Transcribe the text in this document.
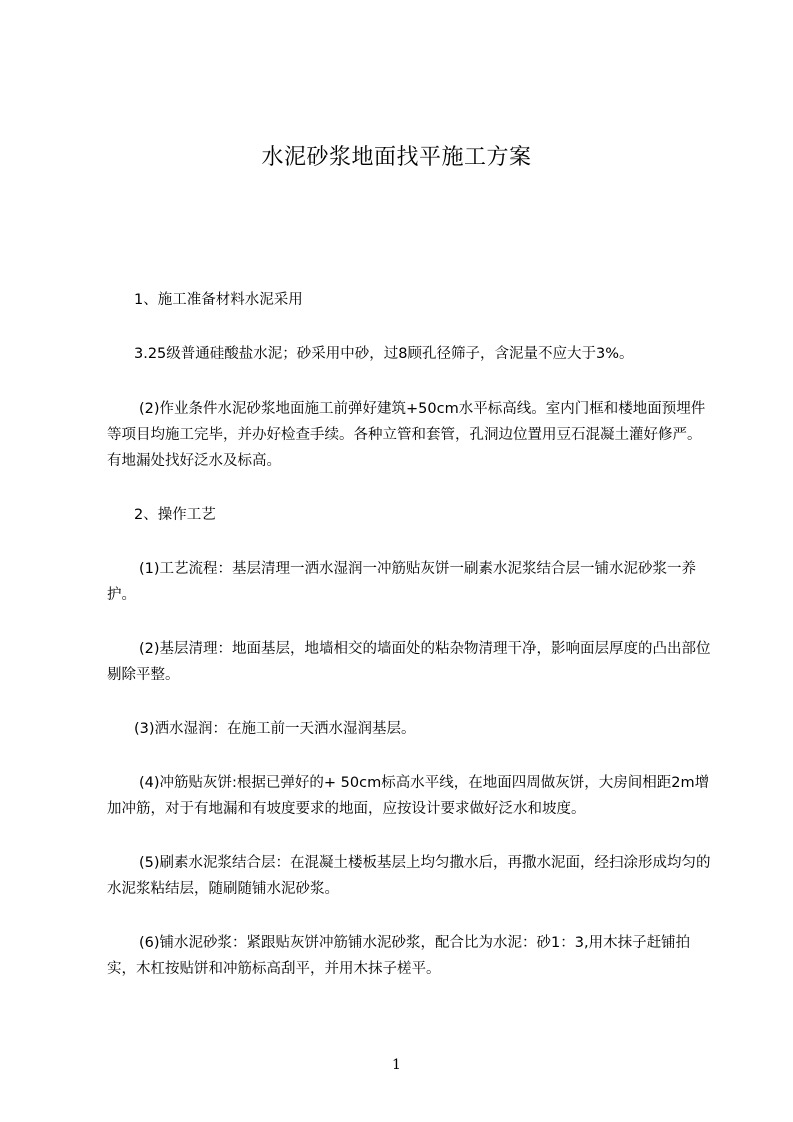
水泥砂浆地面找平施工方案

1、施工准备材料水泥采用

3.25级普通硅酸盐水泥；砂采用中砂，过8顾孔径筛子，含泥量不应大于3%。

(2)作业条件水泥砂浆地面施工前弹好建筑+50cm水平标高线。室内门框和楼地面预埋件等项目均施工完毕，并办好检查手续。各种立管和套管，孔洞边位置用豆石混凝土灌好修严。有地漏处找好泛水及标高。

2、操作工艺

(1)工艺流程：基层清理一洒水湿润一冲筋贴灰饼一刷素水泥浆结合层一铺水泥砂浆一养护。

(2)基层清理：地面基层，地墙相交的墙面处的粘杂物清理干净，影响面层厚度的凸出部位剔除平整。

(3)洒水湿润：在施工前一天洒水湿润基层。

(4)冲筋贴灰饼:根据已弹好的+ 50cm标高水平线，在地面四周做灰饼，大房间相距2m增加冲筋，对于有地漏和有坡度要求的地面，应按设计要求做好泛水和坡度。

(5)刷素水泥浆结合层：在混凝土楼板基层上均匀撒水后，再撒水泥面，经扫涂形成均匀的水泥浆粘结层，随刷随铺水泥砂浆。

(6)铺水泥砂浆：紧跟贴灰饼冲筋铺水泥砂浆，配合比为水泥：砂1：3,用木抹子赶铺拍实，木杠按贴饼和冲筋标高刮平，并用木抹子槎平。

1
